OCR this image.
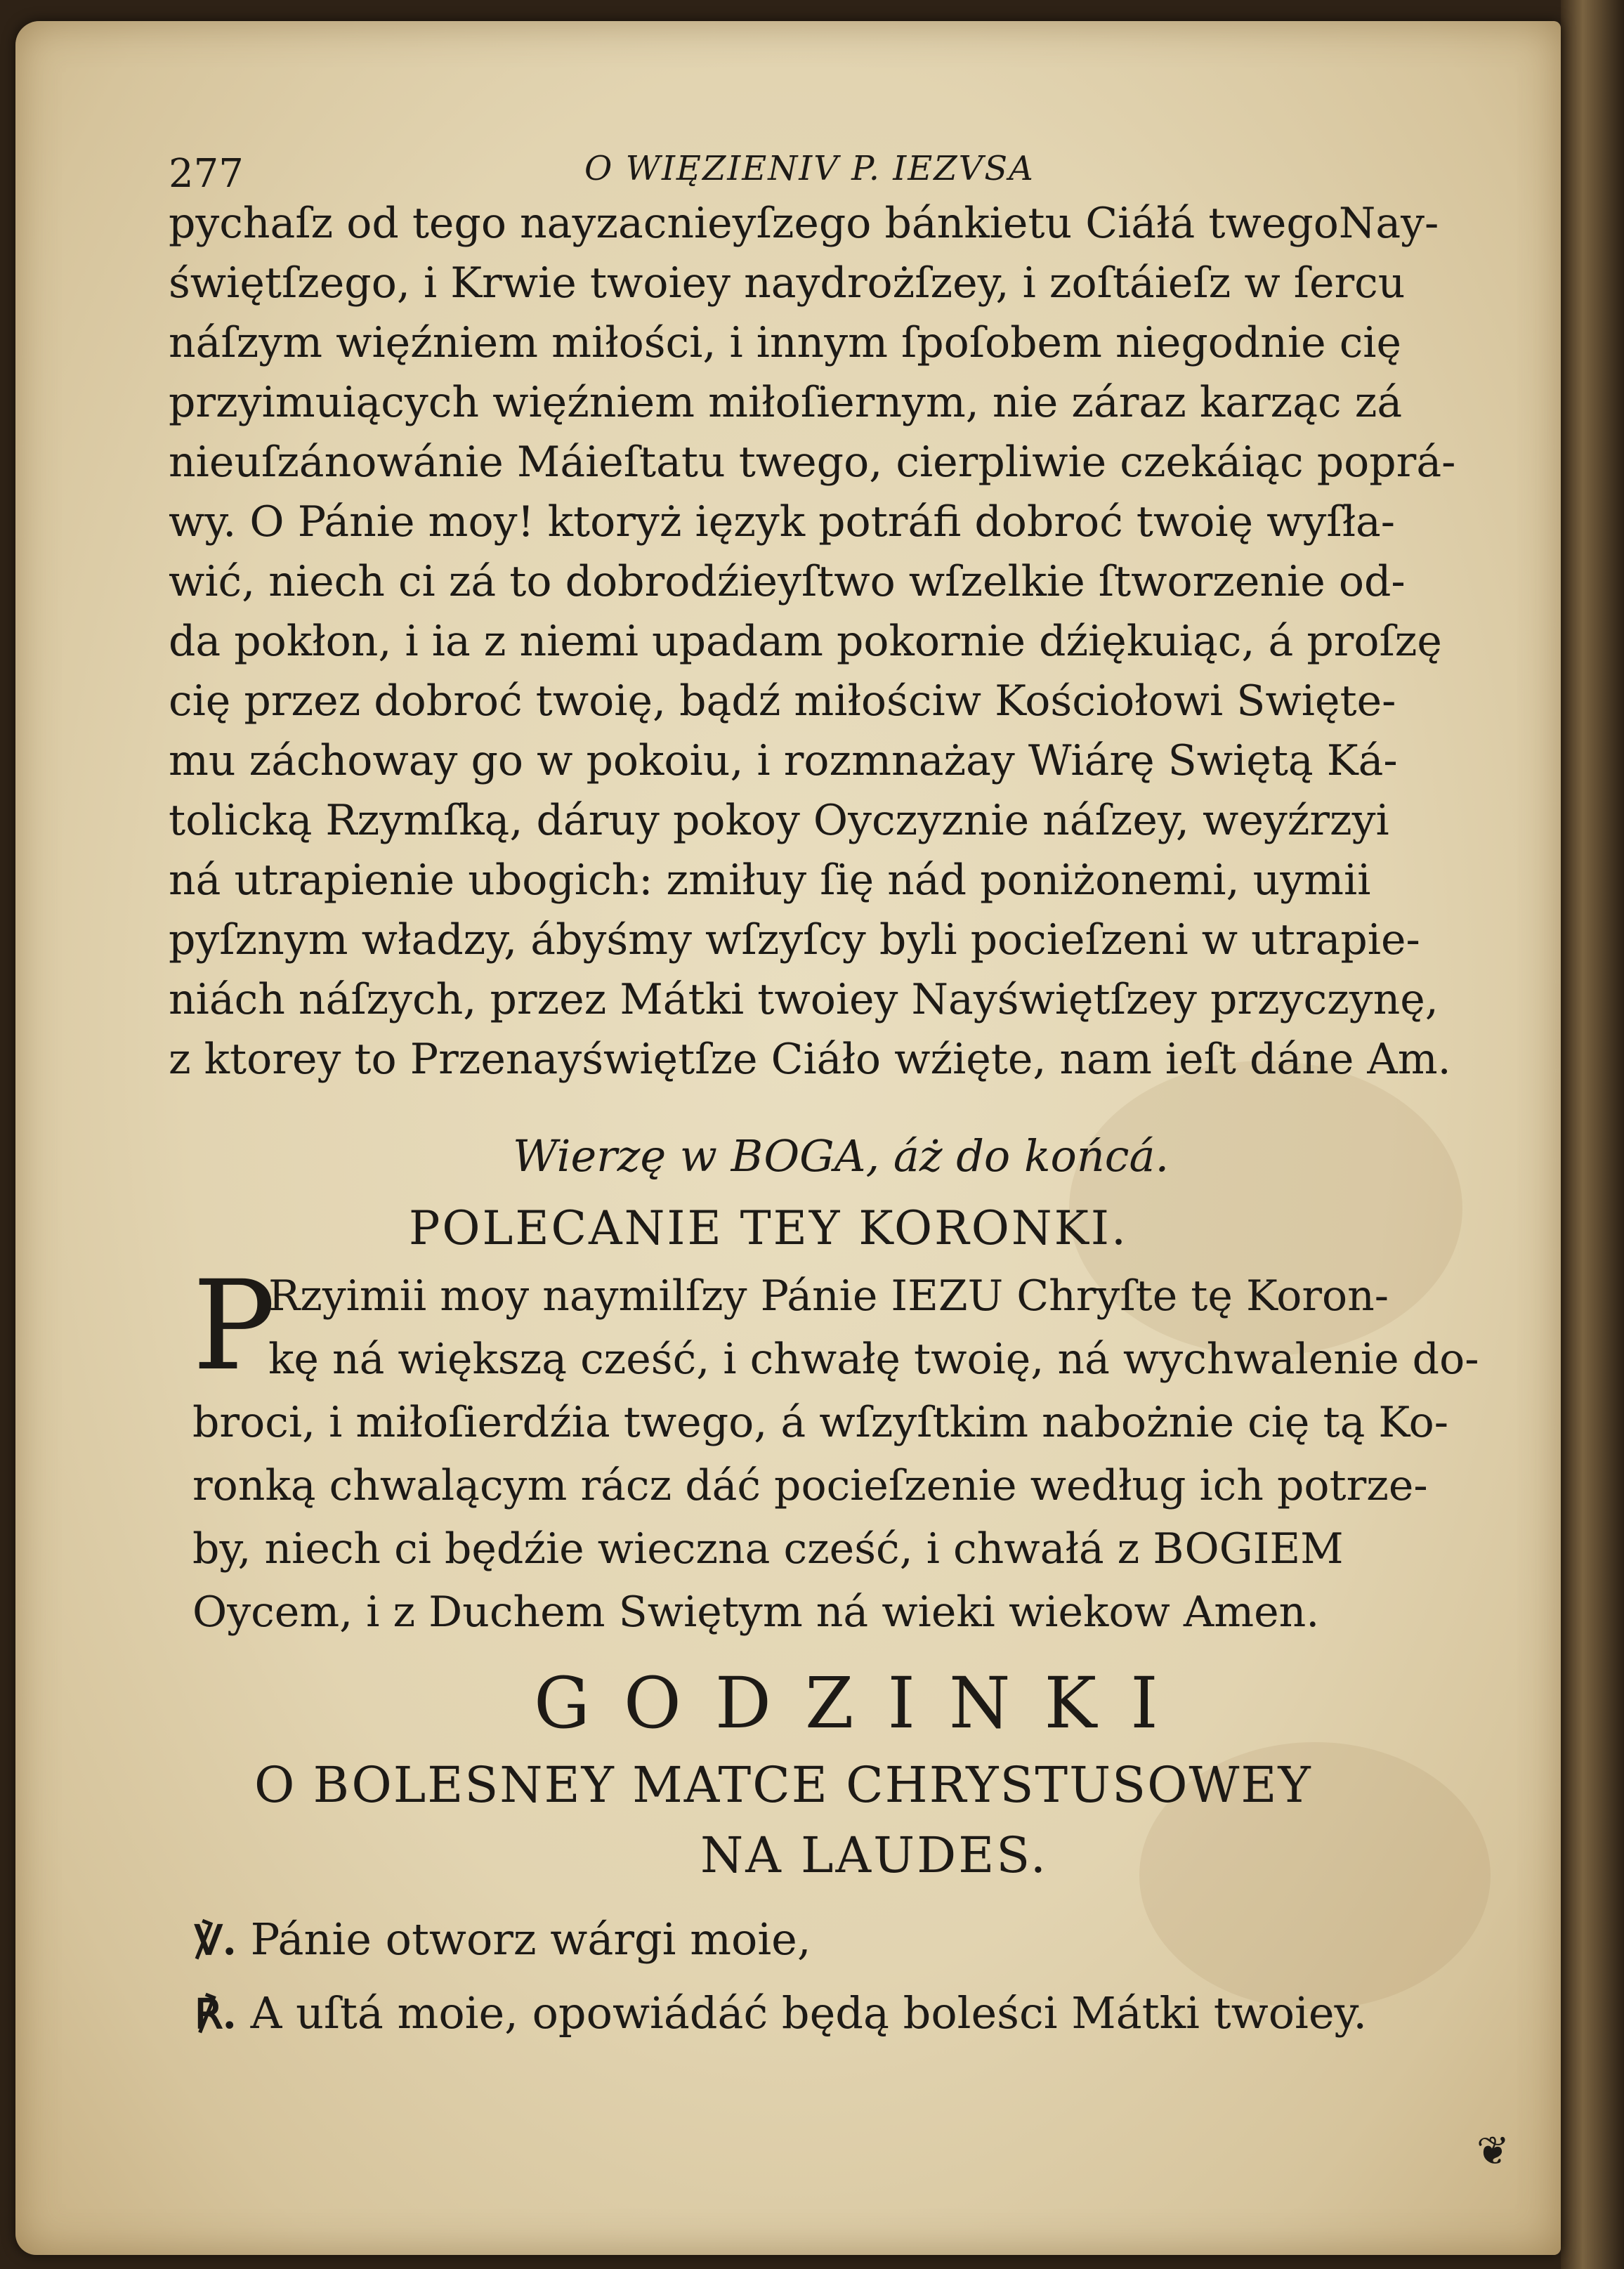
277	O WIĘZIENIV P. IEZVSA
pychaſz od tego nayzacnieyſzego bánkietu Ciáłá twegoNay-
świętſzego, i Krwie twoiey naydrożſzey, i zoſtáieſz w ſercu
náſzym więźniem miłości, i innym ſpoſobem niegodnie cię
przyimuiących więźniem miłoſiernym, nie záraz karząc zá
nieuſzánowánie Máieſtatu twego, cierpliwie czekáiąc poprá-
wy. O Pánie moy! ktoryż ięzyk potráfi dobroć twoię wyſła-
wić, niech ci zá to dobrodźieyſtwo wſzelkie ſtworzenie od-
da pokłon, i ia z niemi upadam pokornie dźiękuiąc, á proſzę
cię przez dobroć twoię, bądź miłościw Kościołowi Swięte-
mu záchoway go w pokoiu, i rozmnażay Wiárę Swiętą Ká-
tolicką Rzymſką, dáruy pokoy Oyczyznie náſzey, weyźrzyi
ná utrapienie ubogich: zmiłuy ſię nád poniżonemi, uymii
pyſznym władzy, ábyśmy wſzyſcy byli pocieſzeni w utrapie-
niách náſzych, przez Mátki twoiey Nayświętſzey przyczynę,
z ktorey to Przenayświętſze Ciáło wźięte, nam ieſt dáne Am.
Wierzę w BOGA, áż do końcá.
POLECANIE TEY KORONKI.
P
Rzyimii moy naymilſzy Pánie IEZU Chryſte tę Koron-
kę ná większą cześć, i chwałę twoię, ná wychwalenie do-
broci, i miłoſierdźia twego, á wſzyſtkim nabożnie cię tą Ko-
ronką chwalącym rácz dáć pocieſzenie według ich potrze-
by, niech ci będźie wieczna cześć, i chwałá z BOGIEM
Oycem, i z Duchem Swiętym ná wieki wiekow Amen.
GODZINKI
O BOLESNEY MATCE CHRYSTUSOWEY
NA LAUDES.
℣. Pánie otworz wárgi moie,
℟. A uſtá moie, opowiádáć będą boleści Mátki twoiey.
❦
